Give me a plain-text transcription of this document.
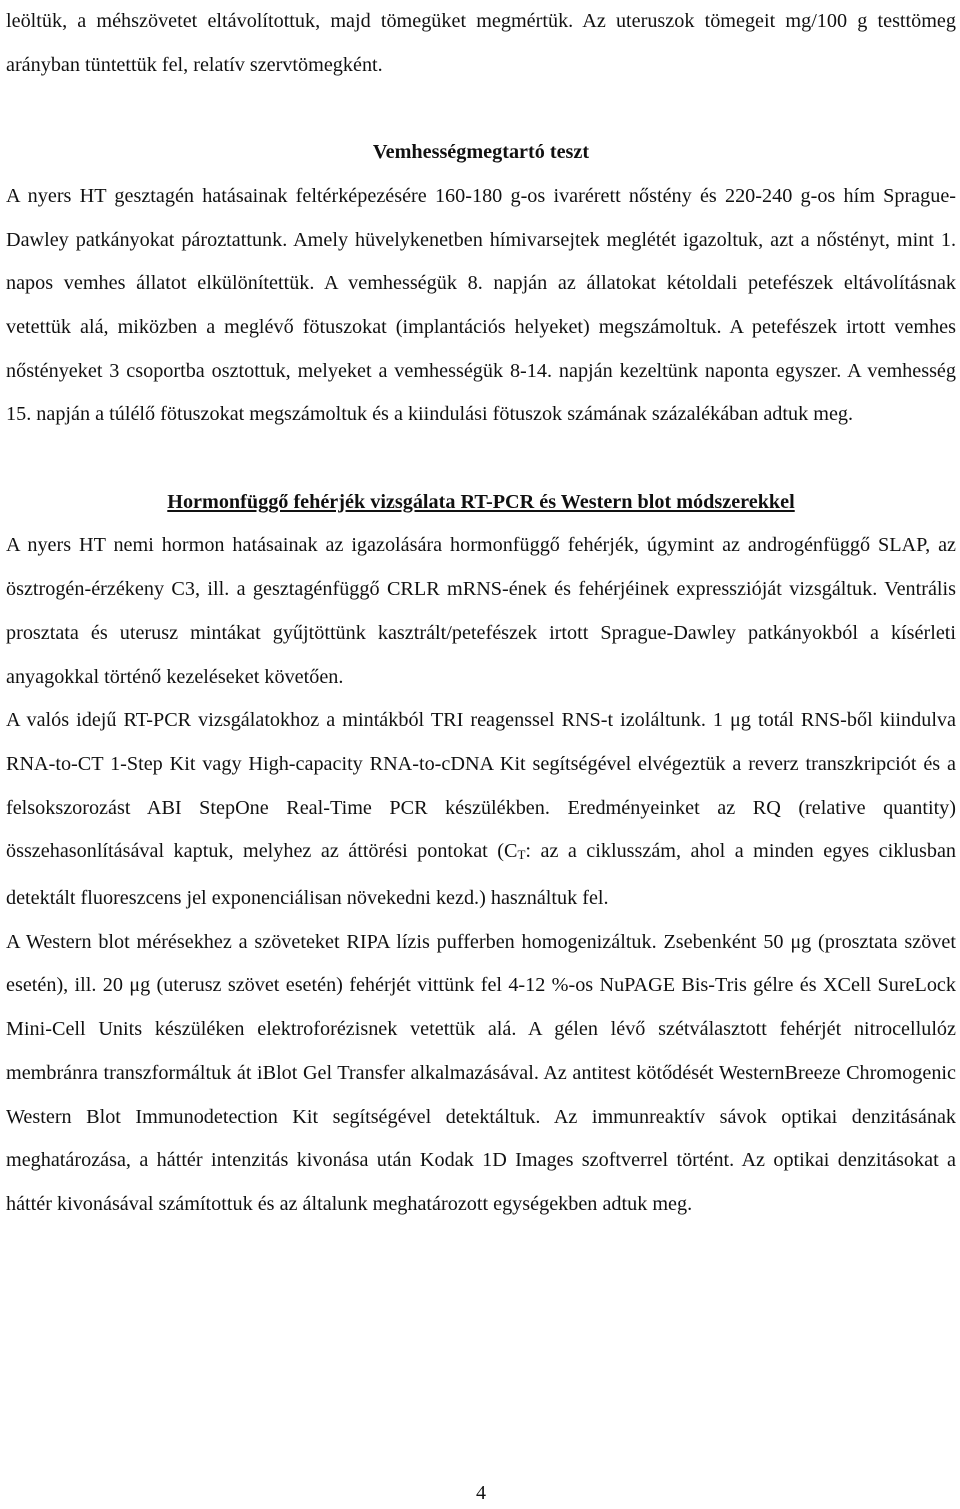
leöltük, a méhszövetet eltávolítottuk, majd tömegüket megmértük. Az uteruszok tömegeit mg/100 g testtömeg arányban tüntettük fel, relatív szervtömegként.

Vemhességmegtartó teszt

A nyers HT gesztagén hatásainak feltérképezésére 160-180 g-os ivarérett nőstény és 220-240 g-os hím Sprague-Dawley patkányokat pároztattunk. Amely hüvelykenetben hímivarsejtek meglétét igazoltuk, azt a nőstényt, mint 1. napos vemhes állatot elkülönítettük. A vemhességük 8. napján az állatokat kétoldali petefészek eltávolításnak vetettük alá, miközben a meglévő fötuszokat (implantációs helyeket) megszámoltuk. A petefészek irtott vemhes nőstényeket 3 csoportba osztottuk, melyeket a vemhességük 8-14. napján kezeltünk naponta egyszer. A vemhesség 15. napján a túlélő fötuszokat megszámoltuk és a kiindulási fötuszok számának százalékában adtuk meg.

Hormonfüggő fehérjék vizsgálata RT-PCR és Western blot módszerekkel

A nyers HT nemi hormon hatásainak az igazolására hormonfüggő fehérjék, úgymint az androgénfüggő SLAP, az ösztrogén-érzékeny C3, ill. a gesztagénfüggő CRLR mRNS-ének és fehérjéinek expresszióját vizsgáltuk. Ventrális prosztata és uterusz mintákat gyűjtöttünk kasztrált/petefészek irtott Sprague-Dawley patkányokból a kísérleti anyagokkal történő kezeléseket követően.

A valós idejű RT-PCR vizsgálatokhoz a mintákból TRI reagenssel RNS-t izoláltunk. 1 μg totál RNS-ből kiindulva RNA-to-CT 1-Step Kit vagy High-capacity RNA-to-cDNA Kit segítségével elvégeztük a reverz transzkripciót és a felsokszorozást ABI StepOne Real-Time PCR készülékben. Eredményeinket az RQ (relative quantity) összehasonlításával kaptuk, melyhez az áttörési pontokat (CT: az a ciklusszám, ahol a minden egyes ciklusban detektált fluoreszcens jel exponenciálisan növekedni kezd.) használtuk fel.

A Western blot mérésekhez a szöveteket RIPA lízis pufferben homogenizáltuk. Zsebenként 50 μg (prosztata szövet esetén), ill. 20 μg (uterusz szövet esetén) fehérjét vittünk fel 4-12 %-os NuPAGE Bis-Tris gélre és XCell SureLock Mini-Cell Units készüléken elektroforézisnek vetettük alá. A gélen lévő szétválasztott fehérjét nitrocellulóz membránra transzformáltuk át iBlot Gel Transfer alkalmazásával. Az antitest kötődését WesternBreeze Chromogenic Western Blot Immunodetection Kit segítségével detektáltuk. Az immunreaktív sávok optikai denzitásának meghatározása, a háttér intenzitás kivonása után Kodak 1D Images szoftverrel történt. Az optikai denzitásokat a háttér kivonásával számítottuk és az általunk meghatározott egységekben adtuk meg.

4
